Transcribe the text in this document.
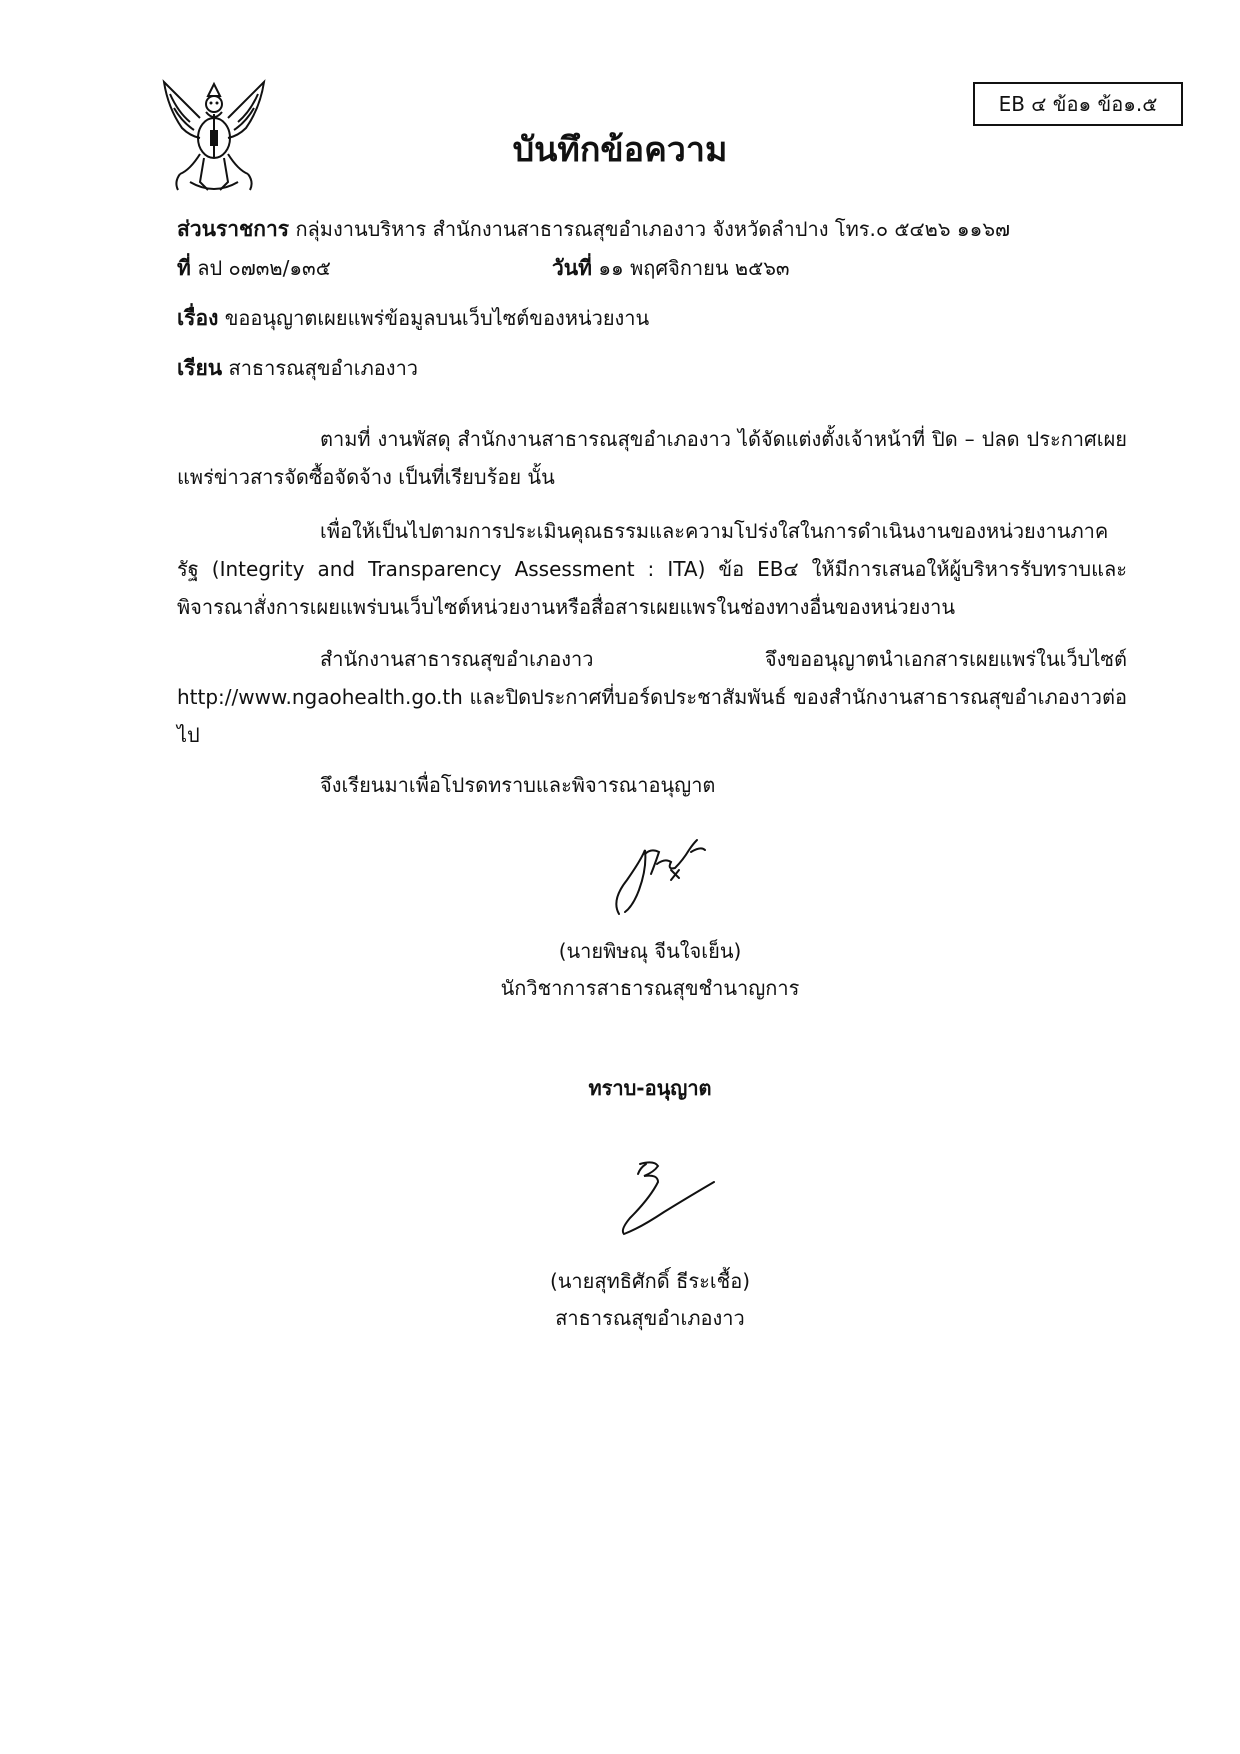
EB ๔ ข้อ๑ ข้อ๑.๕
บันทึกข้อความ
ส่วนราชการ กลุ่มงานบริหาร สำนักงานสาธารณสุขอำเภองาว จังหวัดลำปาง โทร.๐ ๕๔๒๖ ๑๑๖๗
ที่ ลป ๐๗๓๒/๑๓๕	วันที่ ๑๑ พฤศจิกายน ๒๕๖๓
เรื่อง ขออนุญาตเผยแพร่ข้อมูลบนเว็บไซต์ของหน่วยงาน
เรียน สาธารณสุขอำเภองาว
ตามที่ งานพัสดุ สำนักงานสาธารณสุขอำเภองาว ได้จัดแต่งตั้งเจ้าหน้าที่ ปิด – ปลด ประกาศเผยแพร่ข่าวสารจัดซื้อจัดจ้าง เป็นที่เรียบร้อย นั้น
เพื่อให้เป็นไปตามการประเมินคุณธรรมและความโปร่งใสในการดำเนินงานของหน่วยงานภาครัฐ (Integrity and Transparency Assessment : ITA) ข้อ EB๔ ให้มีการเสนอให้ผู้บริหารรับทราบและพิจารณาสั่งการเผยแพร่บนเว็บไซต์หน่วยงานหรือสื่อสารเผยแพรในช่องทางอื่นของหน่วยงาน
สำนักงานสาธารณสุขอำเภองาว จึงขออนุญาตนำเอกสารเผยแพร่ในเว็บไซต์ http://www.ngaohealth.go.th และปิดประกาศที่บอร์ดประชาสัมพันธ์ ของสำนักงานสาธารณสุขอำเภองาวต่อไป
จึงเรียนมาเพื่อโปรดทราบและพิจารณาอนุญาต
(นายพิษณุ จีนใจเย็น)
นักวิชาการสาธารณสุขชำนาญการ
ทราบ-อนุญาต
(นายสุทธิศักดิ์ ธีระเชื้อ)
สาธารณสุขอำเภองาว
